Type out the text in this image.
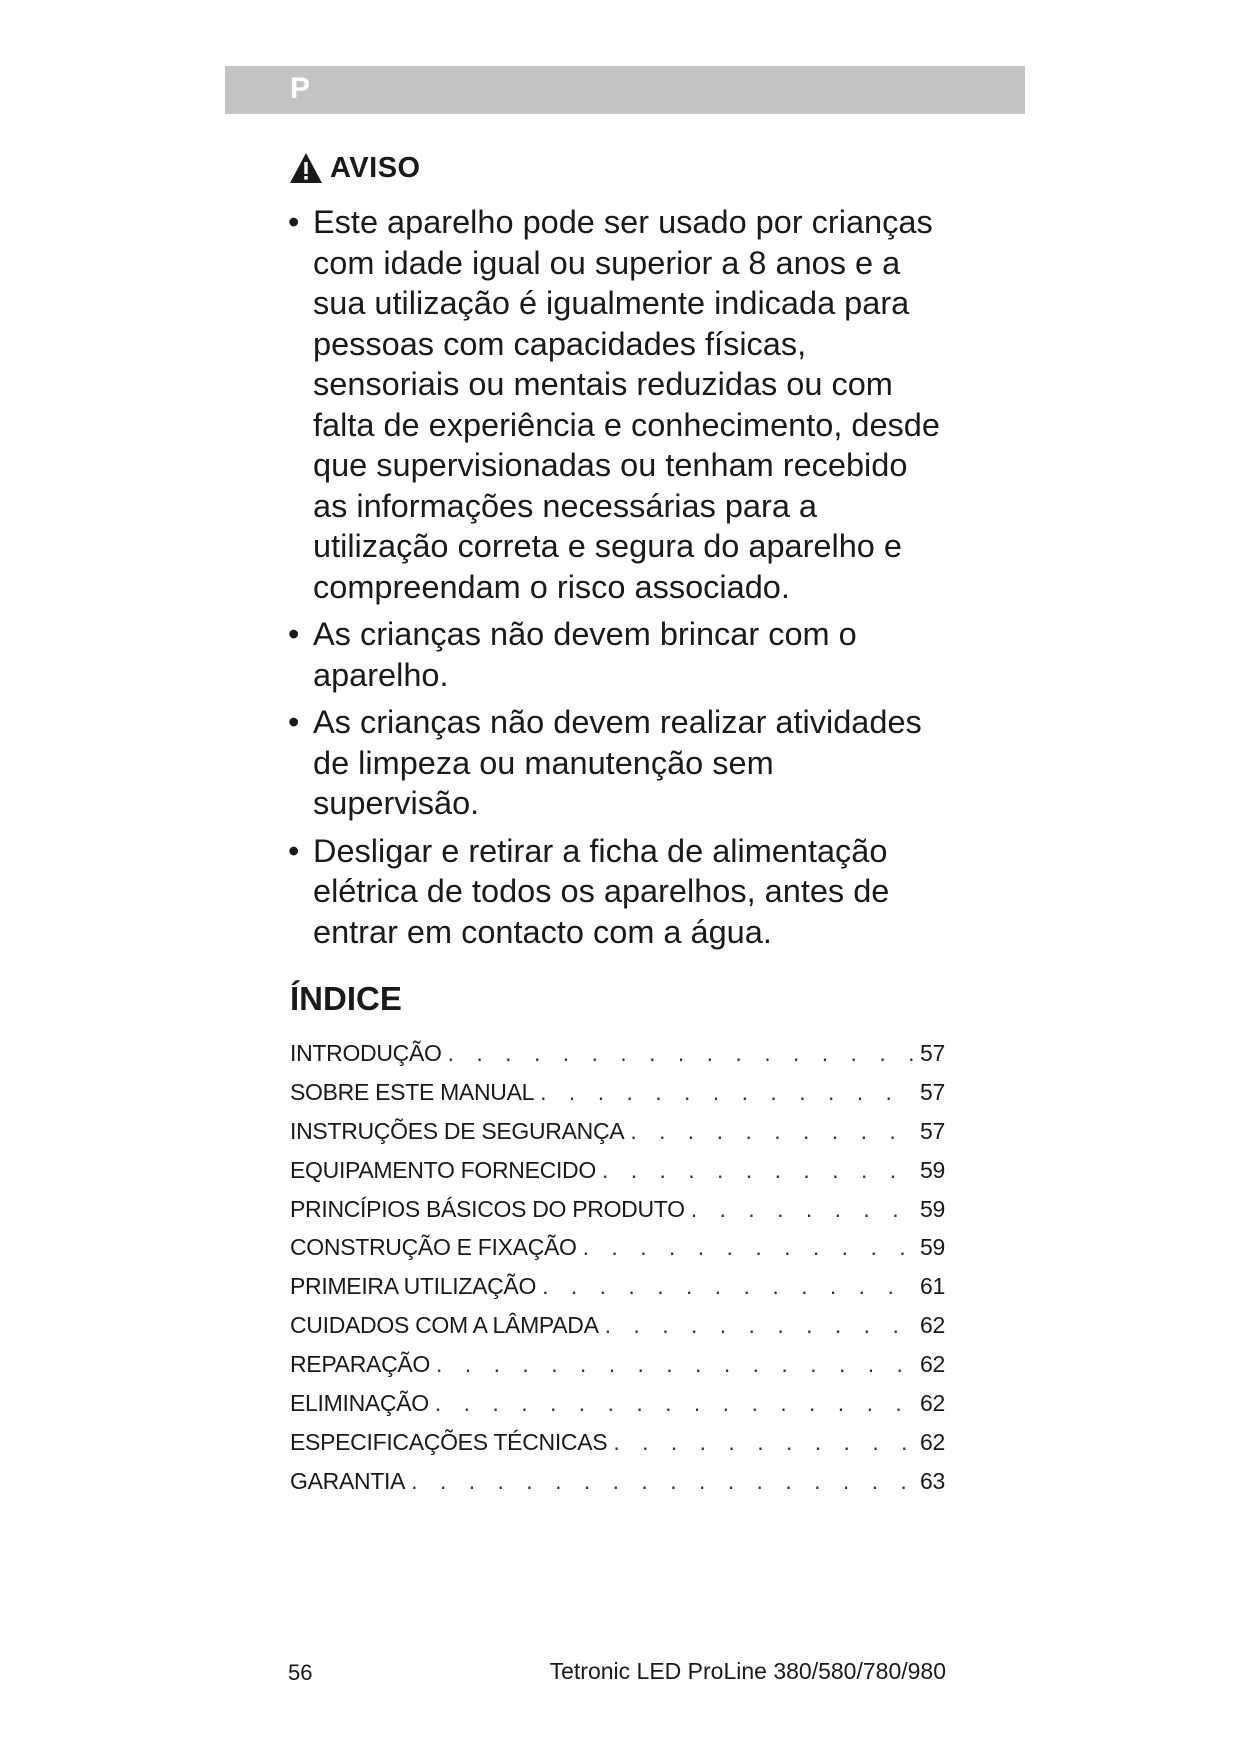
P
AVISO
• Este aparelho pode ser usado por crianças com idade igual ou superior a 8 anos e a sua utilização é igualmente indicada para pessoas com capacidades físicas, sensoriais ou mentais reduzidas ou com falta de experiência e conhecimento, desde que supervisionadas ou tenham recebido as informações necessárias para a utilização correta e segura do aparelho e compreendam o risco associado.
• As crianças não devem brincar com o aparelho.
• As crianças não devem realizar atividades de limpeza ou manutenção sem supervisão.
• Desligar e retirar a ficha de alimentação elétrica de todos os aparelhos, antes de entrar em contacto com a água.
ÍNDICE
INTRODUÇÃO . . .	57
SOBRE ESTE MANUAL . . .	57
INSTRUÇÕES DE SEGURANÇA . . .	57
EQUIPAMENTO FORNECIDO . . .	59
PRINCÍPIOS BÁSICOS DO PRODUTO . . .	59
CONSTRUÇÃO E FIXAÇÃO . . .	59
PRIMEIRA UTILIZAÇÃO . . .	61
CUIDADOS COM A LÂMPADA . . .	62
REPARAÇÃO . . .	62
ELIMINAÇÃO . . .	62
ESPECIFICAÇÕES TÉCNICAS . . .	62
GARANTIA . . .	63
56	Tetronic LED ProLine 380/580/780/980
